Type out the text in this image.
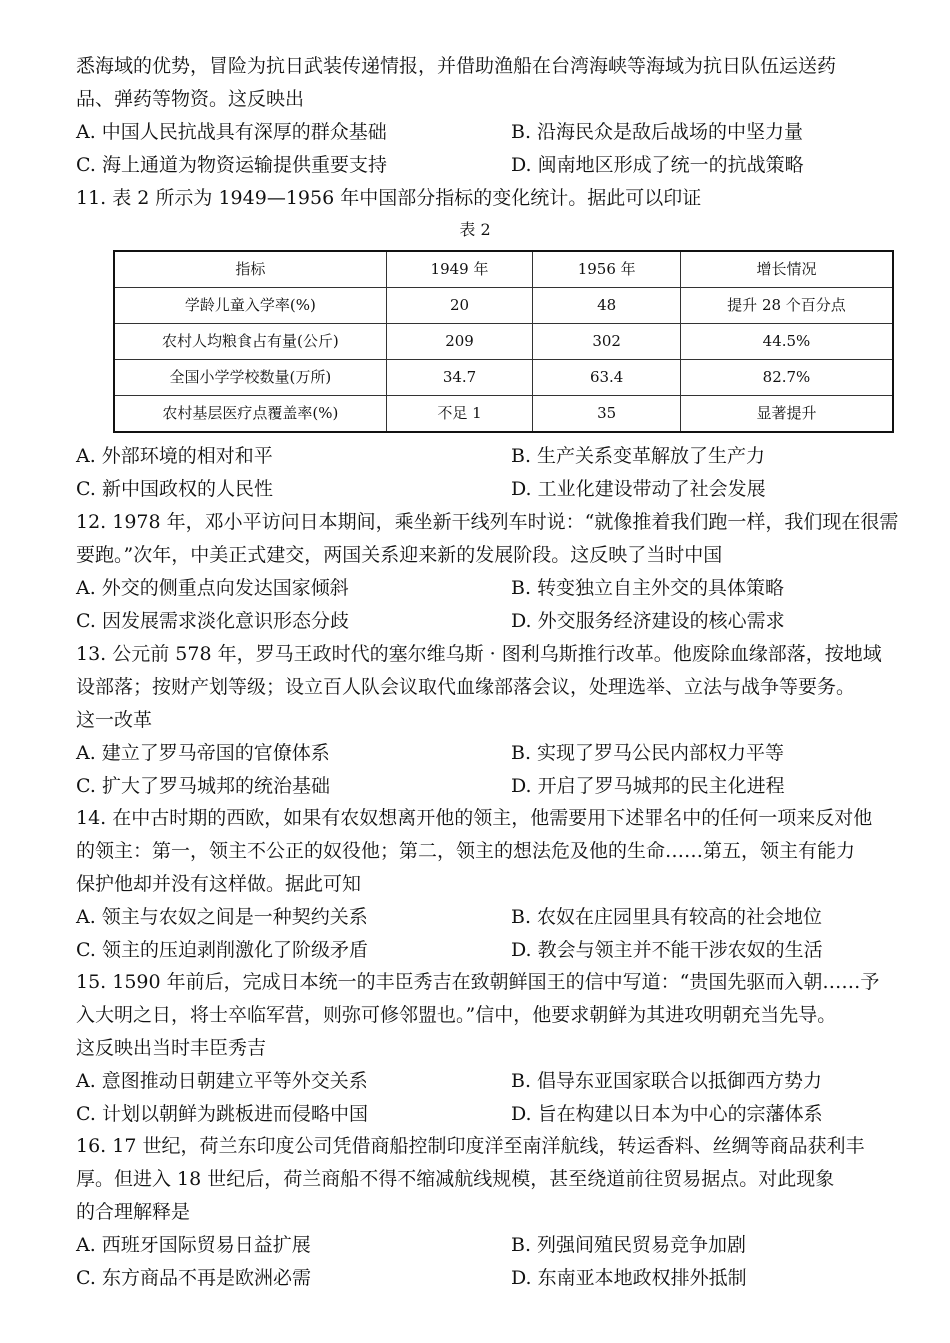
悉海域的优势，冒险为抗日武装传递情报，并借助渔船在台湾海峡等海域为抗日队伍运送药
品、弹药等物资。这反映出
A. 中国人民抗战具有深厚的群众基础	B. 沿海民众是敌后战场的中坚力量
C. 海上通道为物资运输提供重要支持	D. 闽南地区形成了统一的抗战策略
11. 表 2 所示为 1949—1956 年中国部分指标的变化统计。据此可以印证
表 2
指标	1949 年	1956 年	增长情况
学龄儿童入学率(%)	20	48	提升 28 个百分点
农村人均粮食占有量(公斤)	209	302	44.5%
全国小学学校数量(万所)	34.7	63.4	82.7%
农村基层医疗点覆盖率(%)	不足 1	35	显著提升
A. 外部环境的相对和平	B. 生产关系变革解放了生产力
C. 新中国政权的人民性	D. 工业化建设带动了社会发展
12. 1978 年，邓小平访问日本期间，乘坐新干线列车时说：“就像推着我们跑一样，我们现在很需
要跑。”次年，中美正式建交，两国关系迎来新的发展阶段。这反映了当时中国
A. 外交的侧重点向发达国家倾斜	B. 转变独立自主外交的具体策略
C. 因发展需求淡化意识形态分歧	D. 外交服务经济建设的核心需求
13. 公元前 578 年，罗马王政时代的塞尔维乌斯 · 图利乌斯推行改革。他废除血缘部落，按地域
设部落；按财产划等级；设立百人队会议取代血缘部落会议，处理选举、立法与战争等要务。
这一改革
A. 建立了罗马帝国的官僚体系	B. 实现了罗马公民内部权力平等
C. 扩大了罗马城邦的统治基础	D. 开启了罗马城邦的民主化进程
14. 在中古时期的西欧，如果有农奴想离开他的领主，他需要用下述罪名中的任何一项来反对他
的领主：第一，领主不公正的奴役他；第二，领主的想法危及他的生命……第五，领主有能力
保护他却并没有这样做。据此可知
A. 领主与农奴之间是一种契约关系	B. 农奴在庄园里具有较高的社会地位
C. 领主的压迫剥削激化了阶级矛盾	D. 教会与领主并不能干涉农奴的生活
15. 1590 年前后，完成日本统一的丰臣秀吉在致朝鲜国王的信中写道：“贵国先驱而入朝……予
入大明之日，将士卒临军营，则弥可修邻盟也。”信中，他要求朝鲜为其进攻明朝充当先导。
这反映出当时丰臣秀吉
A. 意图推动日朝建立平等外交关系	B. 倡导东亚国家联合以抵御西方势力
C. 计划以朝鲜为跳板进而侵略中国	D. 旨在构建以日本为中心的宗藩体系
16. 17 世纪，荷兰东印度公司凭借商船控制印度洋至南洋航线，转运香料、丝绸等商品获利丰
厚。但进入 18 世纪后，荷兰商船不得不缩减航线规模，甚至绕道前往贸易据点。对此现象
的合理解释是
A. 西班牙国际贸易日益扩展	B. 列强间殖民贸易竞争加剧
C. 东方商品不再是欧洲必需	D. 东南亚本地政权排外抵制
